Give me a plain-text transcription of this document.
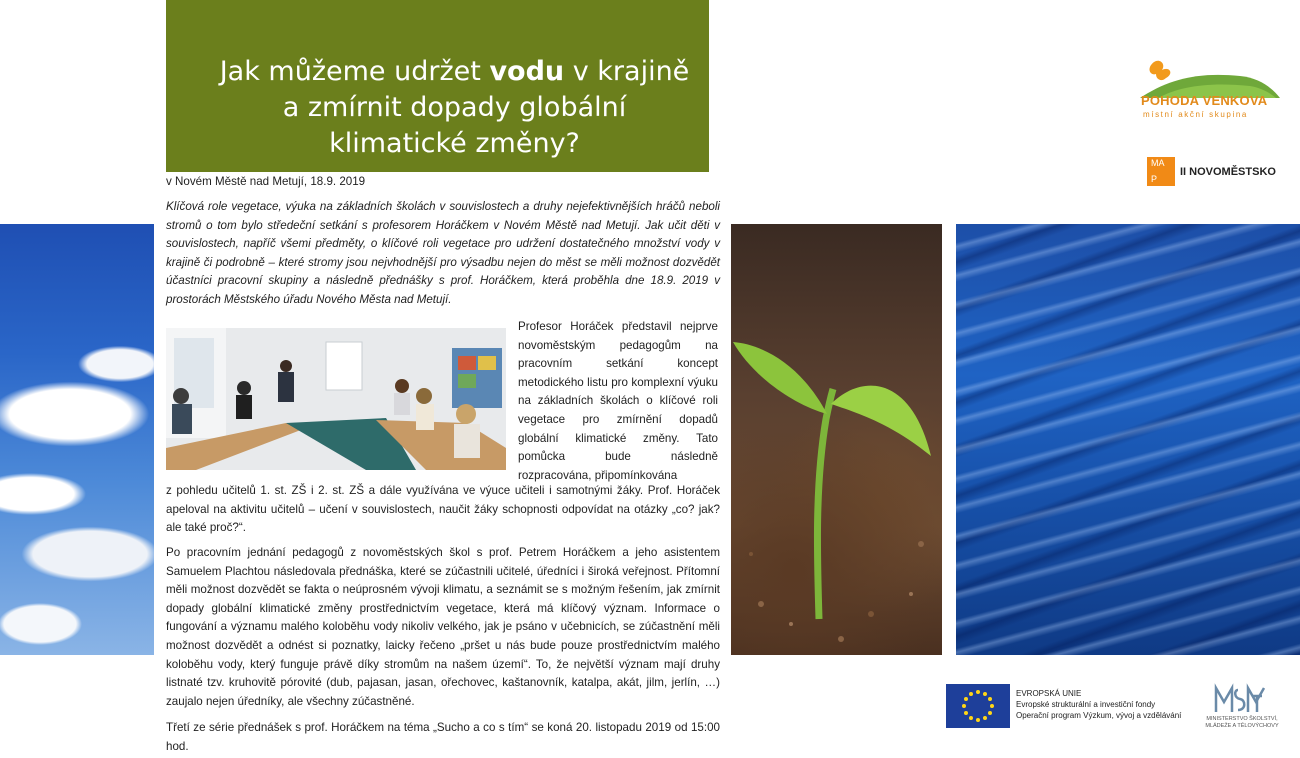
Jak můžeme udržet vodu v krajině
a zmírnit dopady globální
klimatické změny?
POHODA VENKOVA
místní akční skupina
MA
P
II NOVOMĚSTSKO
v Novém Městě nad Metují, 18.9. 2019
Klíčová role vegetace, výuka na základních školách v souvislostech a druhy nejefektivnějších hráčů neboli stromů o tom bylo středeční setkání s profesorem Horáčkem v Novém Městě nad Metují. Jak učit děti v souvislostech, napříč všemi předměty, o klíčové roli vegetace pro udržení dostatečného množství vody v krajině či podrobně – které stromy jsou nejvhodnější pro výsadbu nejen do měst se měli možnost dozvědět účastníci pracovní skupiny a následně přednášky s prof. Horáčkem, která proběhla dne 18.9. 2019 v prostorách Městského úřadu Nového Města nad Metují.
Profesor Horáček představil nejprve novoměstským pedagogům na pracovním setkání koncept metodického listu pro komplexní výuku na základních školách o klíčové roli vegetace pro zmírnění dopadů globální klimatické změny. Tato pomůcka bude následně rozpracována, připomínkována
z pohledu učitelů 1. st. ZŠ i 2. st. ZŠ a dále využívána ve výuce učiteli i samotnými žáky. Prof. Horáček apeloval na aktivitu učitelů – učení v souvislostech, naučit žáky schopnosti odpovídat na otázky „co? jak? ale také proč?“.
Po pracovním jednání pedagogů z novoměstských škol s prof. Petrem Horáčkem a jeho asistentem Samuelem Plachtou následovala přednáška, které se zúčastnili učitelé, úředníci i široká veřejnost. Přítomní měli možnost dozvědět se fakta o neúprosném vývoji klimatu, a seznámit se s možným řešením, jak zmírnit dopady globální klimatické změny prostřednictvím vegetace, která má klíčový význam. Informace o fungování a významu malého koloběhu vody nikoliv velkého, jak je psáno v učebnicích, se zúčastnění měli možnost dozvědět a odnést si poznatky, laicky řečeno „pršet u nás bude pouze prostřednictvím malého koloběhu vody, který funguje právě díky stromům na našem území“. To, že největší význam mají druhy listnaté tzv. kruhovitě pórovité (dub, pajasan, jasan, ořechovec, kaštanovník, katalpa, akát, jilm, jerlín, …) zaujalo nejen úředníky, ale všechny zúčastněné.
Třetí ze série přednášek s prof. Horáčkem na téma „Sucho a co s tím“ se koná 20. listopadu 2019 od 15:00 hod.
EVROPSKÁ UNIE
Evropské strukturální a investiční fondy
Operační program Výzkum, vývoj a vzdělávání	MINISTERSTVO ŠKOLSTVÍ, MLÁDEŽE A TĚLOVÝCHOVY
